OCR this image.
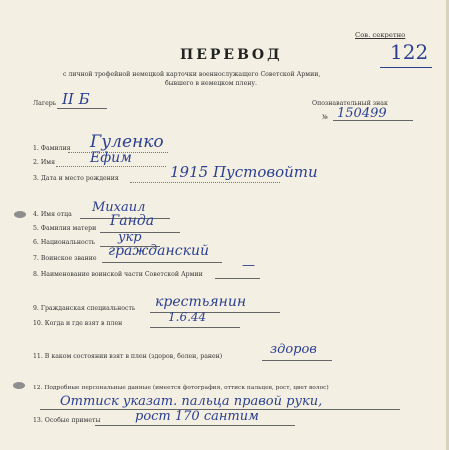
Сов. секретно
122
ПЕРЕВОД
с личной трофейной немецкой карточки военнослужащего Советской Армии,
бывшего в немецком плену.
Лагерь II Б	Опознавательный знак
№ 150499
1. Фамилия Гуленко
2. Имя	Ефим
3. Дата и место рождения	1915 Пустовойти
4. Имя отца Михаил
5. Фамилия матери Ганда
6. Национальность укр
7. Воинское звание гражданский
8. Наименование воинской части Советской Армии
—
9. Гражданская специальность крестьянин
10. Когда и где взят в плен	1.6.44
11. В каком состоянии взят в плен (здоров, болен, ранен)	здоров
12. Подробные персональные данные (имеется фотография, оттиск пальцев, рост, цвет волос)
Оттиск указат. пальца правой руки,
13. Особые приметы	рост 170 сантим
